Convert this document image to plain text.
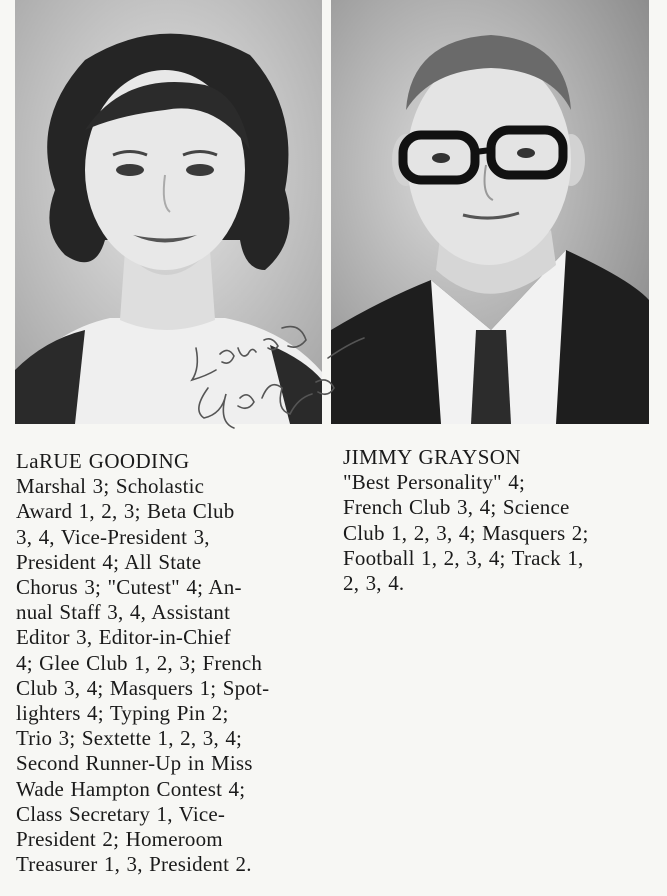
LaRUE GOODING
Marshal 3; Scholastic
Award 1, 2, 3; Beta Club
3, 4, Vice-President 3,
President 4; All State
Chorus 3; "Cutest" 4; An-
nual Staff 3, 4, Assistant
Editor 3, Editor-in-Chief
4; Glee Club 1, 2, 3; French
Club 3, 4; Masquers 1; Spot-
lighters 4; Typing Pin 2;
Trio 3; Sextette 1, 2, 3, 4;
Second Runner-Up in Miss
Wade Hampton Contest 4;
Class Secretary 1, Vice-
President 2; Homeroom
Treasurer 1, 3, President 2.
JIMMY GRAYSON
"Best Personality" 4;
French Club 3, 4; Science
Club 1, 2, 3, 4; Masquers 2;
Football 1, 2, 3, 4; Track 1,
2, 3, 4.
